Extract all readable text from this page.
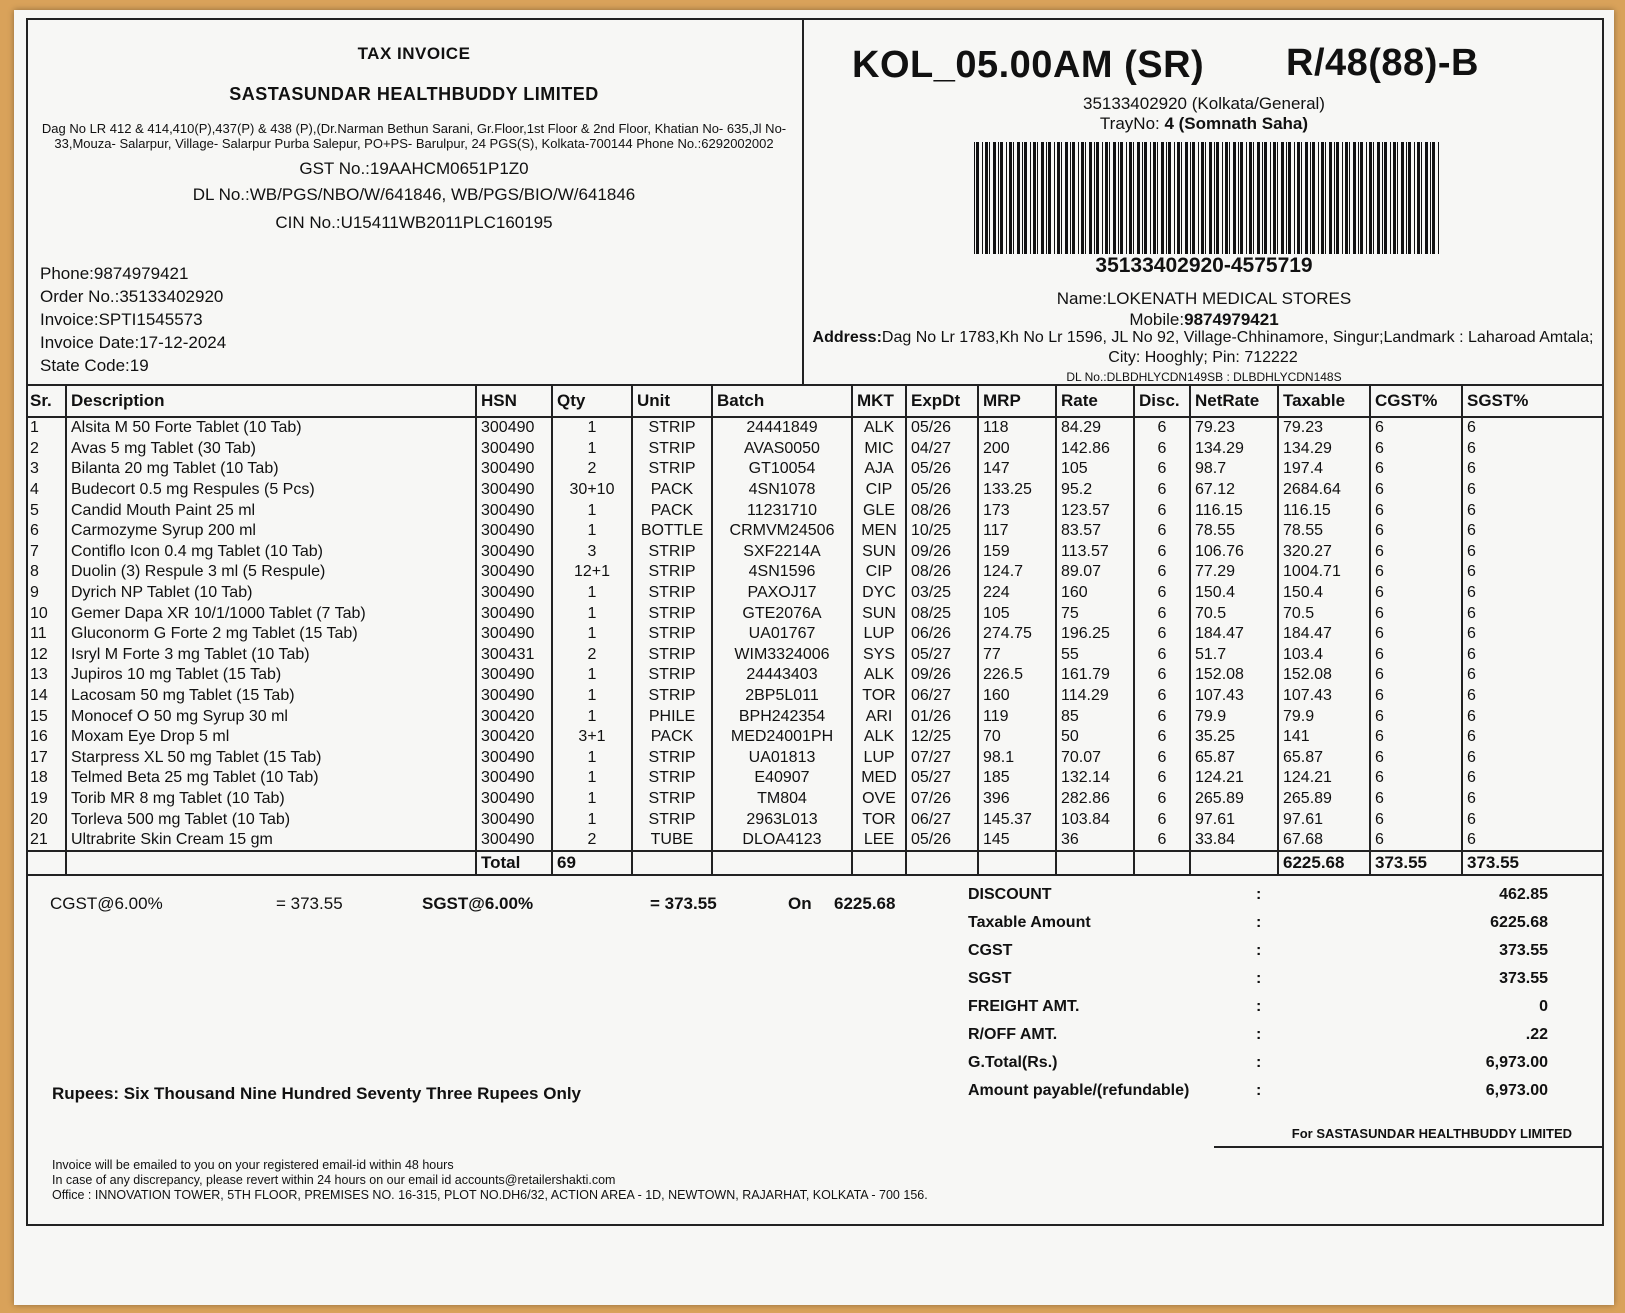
TAX INVOICE
SASTASUNDAR HEALTHBUDDY LIMITED
Dag No LR 412 & 414,410(P),437(P) & 438 (P),(Dr.Narman Bethun Sarani, Gr.Floor,1st Floor & 2nd Floor, Khatian No- 635,Jl No- 33,Mouza- Salarpur, Village- Salarpur Purba Salepur, PO+PS- Barulpur, 24 PGS(S), Kolkata-700144 Phone No.:6292002002
GST No.:19AAHCM0651P1Z0
DL No.:WB/PGS/NBO/W/641846, WB/PGS/BIO/W/641846
CIN No.:U15411WB2011PLC160195
Phone:9874979421
Order No.:35133402920
Invoice:SPTI1545573
Invoice Date:17-12-2024
State Code:19
KOL_05.00AM (SR) R/48(88)-B
35133402920 (Kolkata/General)
TrayNo: 4 (Somnath Saha)
35133402920-4575719
Name:LOKENATH MEDICAL STORES
Mobile:9874979421
Address:Dag No Lr 1783,Kh No Lr 1596, JL No 92, Village-Chhinamore, Singur;Landmark : Laharoad Amtala; City: Hooghly; Pin: 712222
DL No.:DLBDHLYCDN149SB : DLBDHLYCDN148S
Sr.	Description	HSN	Qty	Unit	Batch	MKT	ExpDt	MRP	Rate	Disc.	NetRate	Taxable	CGST%	SGST%
1	Alsita M 50 Forte Tablet (10 Tab)	300490	1	STRIP	24441849	ALK	05/26	118	84.29	6	79.23	79.23	6	6
2	Avas 5 mg Tablet (30 Tab)	300490	1	STRIP	AVAS0050	MIC	04/27	200	142.86	6	134.29	134.29	6	6
3	Bilanta 20 mg Tablet (10 Tab)	300490	2	STRIP	GT10054	AJA	05/26	147	105	6	98.7	197.4	6	6
4	Budecort 0.5 mg Respules (5 Pcs)	300490	30+10	PACK	4SN1078	CIP	05/26	133.25	95.2	6	67.12	2684.64	6	6
5	Candid Mouth Paint 25 ml	300490	1	PACK	11231710	GLE	08/26	173	123.57	6	116.15	116.15	6	6
6	Carmozyme Syrup 200 ml	300490	1	BOTTLE	CRMVM24506	MEN	10/25	117	83.57	6	78.55	78.55	6	6
7	Contiflo Icon 0.4 mg Tablet (10 Tab)	300490	3	STRIP	SXF2214A	SUN	09/26	159	113.57	6	106.76	320.27	6	6
8	Duolin (3) Respule 3 ml (5 Respule)	300490	12+1	STRIP	4SN1596	CIP	08/26	124.7	89.07	6	77.29	1004.71	6	6
9	Dyrich NP Tablet (10 Tab)	300490	1	STRIP	PAXOJ17	DYC	03/25	224	160	6	150.4	150.4	6	6
10	Gemer Dapa XR 10/1/1000 Tablet (7 Tab)	300490	1	STRIP	GTE2076A	SUN	08/25	105	75	6	70.5	70.5	6	6
11	Gluconorm G Forte 2 mg Tablet (15 Tab)	300490	1	STRIP	UA01767	LUP	06/26	274.75	196.25	6	184.47	184.47	6	6
12	Isryl M Forte 3 mg Tablet (10 Tab)	300431	2	STRIP	WIM3324006	SYS	05/27	77	55	6	51.7	103.4	6	6
13	Jupiros 10 mg Tablet (15 Tab)	300490	1	STRIP	24443403	ALK	09/26	226.5	161.79	6	152.08	152.08	6	6
14	Lacosam 50 mg Tablet (15 Tab)	300490	1	STRIP	2BP5L011	TOR	06/27	160	114.29	6	107.43	107.43	6	6
15	Monocef O 50 mg Syrup 30 ml	300420	1	PHILE	BPH242354	ARI	01/26	119	85	6	79.9	79.9	6	6
16	Moxam Eye Drop 5 ml	300420	3+1	PACK	MED24001PH	ALK	12/25	70	50	6	35.25	141	6	6
17	Starpress XL 50 mg Tablet (15 Tab)	300490	1	STRIP	UA01813	LUP	07/27	98.1	70.07	6	65.87	65.87	6	6
18	Telmed Beta 25 mg Tablet (10 Tab)	300490	1	STRIP	E40907	MED	05/27	185	132.14	6	124.21	124.21	6	6
19	Torib MR 8 mg Tablet (10 Tab)	300490	1	STRIP	TM804	OVE	07/26	396	282.86	6	265.89	265.89	6	6
20	Torleva 500 mg Tablet (10 Tab)	300490	1	STRIP	2963L013	TOR	06/27	145.37	103.84	6	97.61	97.61	6	6
21	Ultrabrite Skin Cream 15 gm	300490	2	TUBE	DLOA4123	LEE	05/26	145	36	6	33.84	67.68	6	6
		Total	69									6225.68	373.55	373.55
CGST@6.00%	= 373.55	SGST@6.00%	= 373.55	On 6225.68	DISCOUNT	:	462.85
Taxable Amount	:	6225.68
CGST	:	373.55
SGST	:	373.55
FREIGHT AMT.	:	0
R/OFF AMT.	:	.22
G.Total(Rs.)	:	6,973.00
Amount payable/(refundable)	:	6,973.00
Rupees: Six Thousand Nine Hundred Seventy Three Rupees Only
For SASTASUNDAR HEALTHBUDDY LIMITED
Invoice will be emailed to you on your registered email-id within 48 hours
In case of any discrepancy, please revert within 24 hours on our email id accounts@retailershakti.com
Office : INNOVATION TOWER, 5TH FLOOR, PREMISES NO. 16-315, PLOT NO.DH6/32, ACTION AREA - 1D, NEWTOWN, RAJARHAT, KOLKATA - 700 156.
